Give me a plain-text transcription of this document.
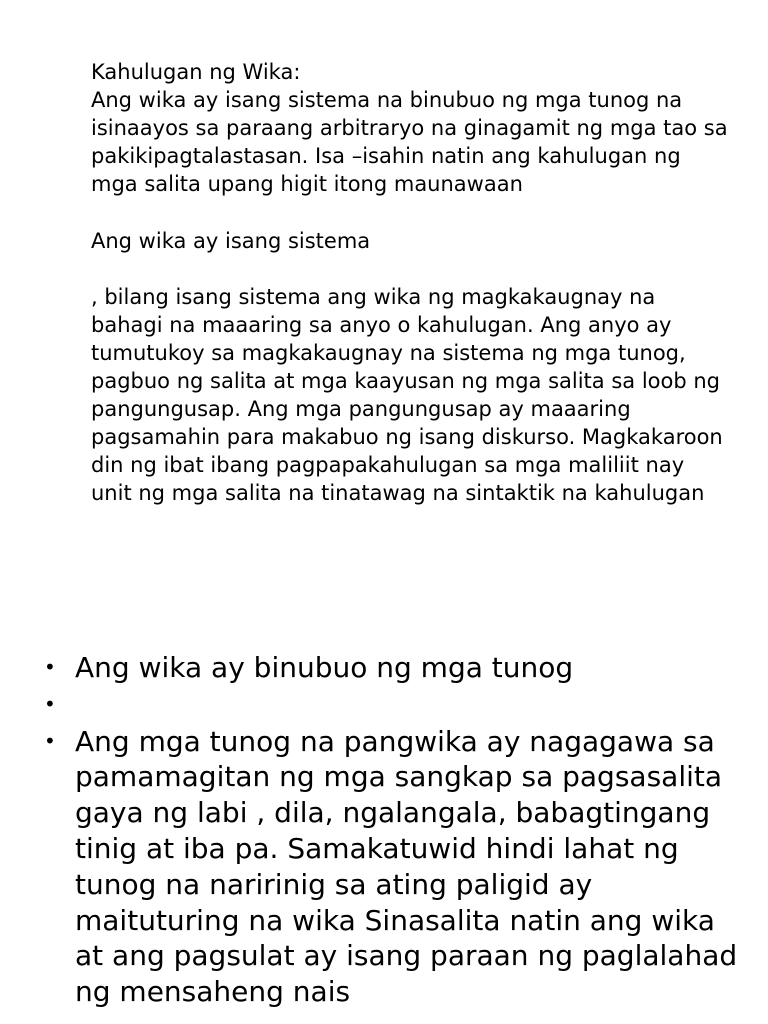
Kahulugan ng Wika:

Ang wika ay isang sistema na binubuo ng mga tunog na isinaayos sa paraang arbitraryo na ginagamit ng mga tao sa pakikipagtalastasan. Isa –isahin natin ang kahulugan ng mga salita upang higit itong maunawaan

Ang wika ay isang sistema

, bilang isang sistema ang wika ng magkakaugnay na bahagi na maaaring sa anyo o kahulugan. Ang anyo ay tumutukoy sa magkakaugnay na sistema ng mga tunog, pagbuo ng salita at mga kaayusan ng mga salita sa loob ng pangungusap. Ang mga pangungusap ay maaaring pagsamahin para makabuo ng isang diskurso. Magkakaroon din ng ibat ibang pagpapakahulugan sa mga maliliit nay unit ng mga salita na tinatawag na sintaktik na kahulugan

• Ang wika ay binubuo ng mga tunog
•
• Ang mga tunog na pangwika ay nagagawa sa pamamagitan ng mga sangkap sa pagsasalita gaya ng labi , dila, ngalangala, babagtingang tinig at iba pa. Samakatuwid hindi lahat ng tunog na naririnig sa ating paligid ay maituturing na wika Sinasalita natin ang wika at ang pagsulat ay isang paraan ng paglalahad ng mensaheng nais
